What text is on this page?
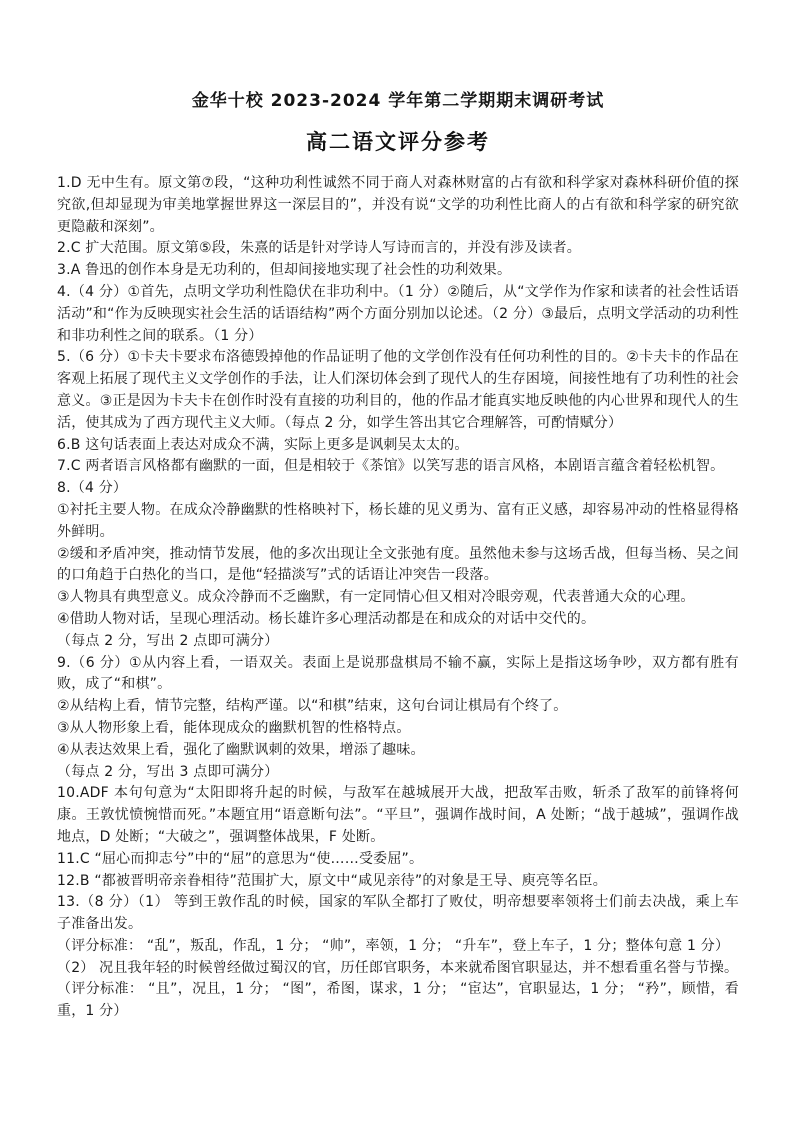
金华十校 2023-2024 学年第二学期期末调研考试
高二语文评分参考

1.D 无中生有。原文第⑦段，“这种功利性诚然不同于商人对森林财富的占有欲和科学家对森林科研价值的探究欲,但却显现为审美地掌握世界这一深层目的”，并没有说“文学的功利性比商人的占有欲和科学家的研究欲更隐蔽和深刻”。

2.C 扩大范围。原文第⑤段，朱熹的话是针对学诗人写诗而言的，并没有涉及读者。

3.A 鲁迅的创作本身是无功利的，但却间接地实现了社会性的功利效果。

4.（4 分）①首先，点明文学功利性隐伏在非功利中。（1 分）②随后，从“文学作为作家和读者的社会性话语活动”和“作为反映现实社会生活的话语结构”两个方面分别加以论述。（2 分）③最后，点明文学活动的功利性和非功利性之间的联系。（1 分）

5.（6 分）①卡夫卡要求布洛德毁掉他的作品证明了他的文学创作没有任何功利性的目的。②卡夫卡的作品在客观上拓展了现代主义文学创作的手法，让人们深切体会到了现代人的生存困境，间接性地有了功利性的社会意义。③正是因为卡夫卡在创作时没有直接的功利目的，他的作品才能真实地反映他的内心世界和现代人的生活，使其成为了西方现代主义大师。（每点 2 分，如学生答出其它合理解答，可酌情赋分）

6.B 这句话表面上表达对成众不满，实际上更多是讽刺吴太太的。

7.C 两者语言风格都有幽默的一面，但是相较于《茶馆》以笑写悲的语言风格，本剧语言蕴含着轻松机智。

8.（4 分）

①衬托主要人物。在成众冷静幽默的性格映衬下，杨长雄的见义勇为、富有正义感，却容易冲动的性格显得格外鲜明。

②缓和矛盾冲突，推动情节发展，他的多次出现让全文张弛有度。虽然他未参与这场舌战，但每当杨、吴之间的口角趋于白热化的当口，是他“轻描淡写”式的话语让冲突告一段落。

③人物具有典型意义。成众冷静而不乏幽默，有一定同情心但又相对冷眼旁观，代表普通大众的心理。

④借助人物对话，呈现心理活动。杨长雄许多心理活动都是在和成众的对话中交代的。

（每点 2 分，写出 2 点即可满分）

9.（6 分）①从内容上看，一语双关。表面上是说那盘棋局不输不赢，实际上是指这场争吵，双方都有胜有败，成了“和棋”。

②从结构上看，情节完整，结构严谨。以“和棋”结束，这句台词让棋局有个终了。

③从人物形象上看，能体现成众的幽默机智的性格特点。

④从表达效果上看，强化了幽默讽刺的效果，增添了趣味。

（每点 2 分，写出 3 点即可满分）

10.ADF 本句句意为“太阳即将升起的时候，与敌军在越城展开大战，把敌军击败，斩杀了敌军的前锋将何康。王敦忧愤惋惜而死。”本题宜用“语意断句法”。“平旦”，强调作战时间，A 处断；“战于越城”，强调作战地点，D 处断；“大破之”，强调整体战果，F 处断。

11.C “屈心而抑志兮”中的“屈”的意思为“使……受委屈”。

12.B “都被晋明帝亲眷相待”范围扩大，原文中“咸见亲待”的对象是王导、庾亮等名臣。

13.（8 分）（1） 等到王敦作乱的时候，国家的军队全都打了败仗，明帝想要率领将士们前去决战，乘上车子准备出发。

（评分标准： “乱”，叛乱，作乱，1 分； “帅”，率领，1 分； “升车”，登上车子，1 分；整体句意 1 分）

（2） 况且我年轻的时候曾经做过蜀汉的官，历任郎官职务，本来就希图官职显达，并不想看重名誉与节操。

（评分标准： “且”，况且，1 分； “图”，希图，谋求，1 分； “宦达”，官职显达，1 分； “矜”，顾惜，看重，1 分）
